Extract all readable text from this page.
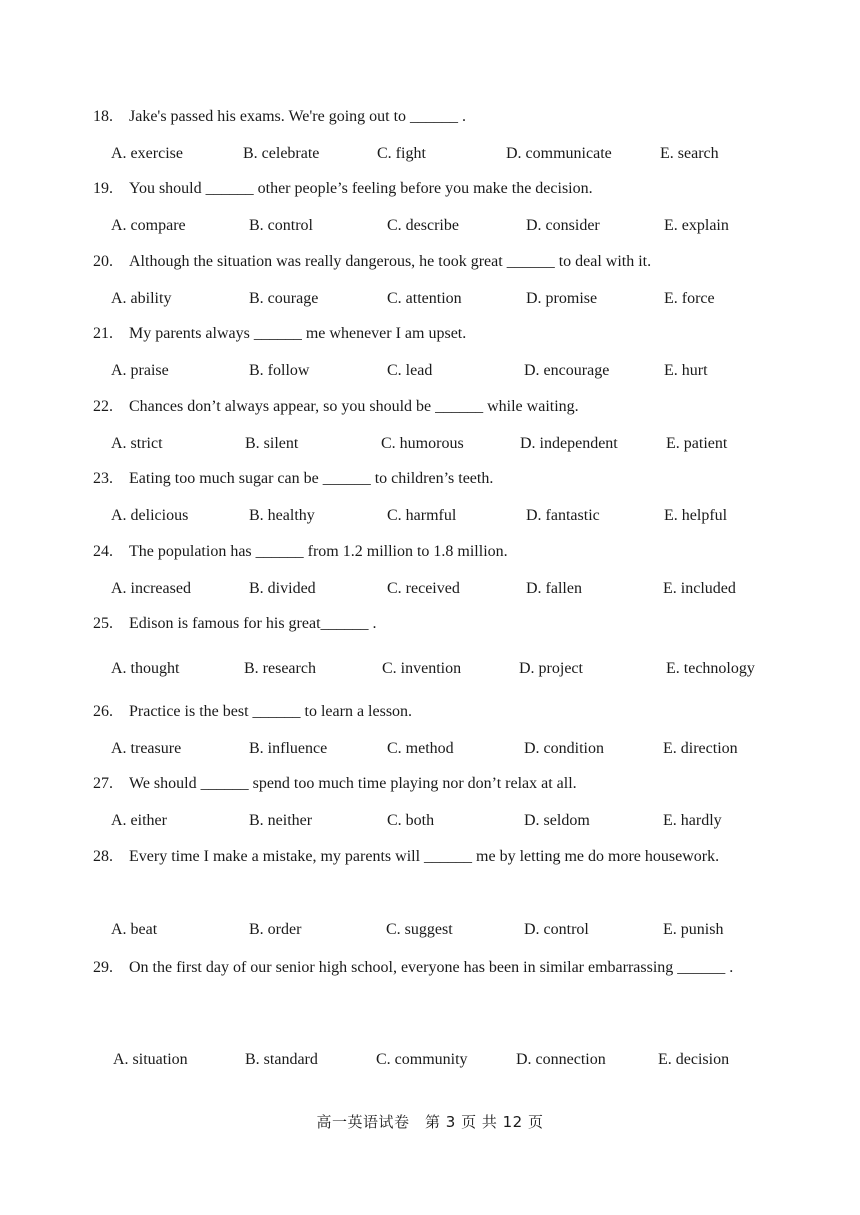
18.	Jake's passed his exams. We're going out to ______ .
A. exercise	B. celebrate	C. fight	D. communicate	E. search
19.	You should ______ other people’s feeling before you make the decision.
A. compare	B. control	C. describe	D. consider	E. explain
20.	Although the situation was really dangerous, he took great ______ to deal with it.
A. ability	B. courage	C. attention	D. promise	E. force
21.	My parents always ______ me whenever I am upset.
A. praise	B. follow	C. lead	D. encourage	E. hurt
22.	Chances don’t always appear, so you should be ______ while waiting.
A. strict	B. silent	C. humorous	D. independent	E. patient
23.	Eating too much sugar can be ______ to children’s teeth.
A. delicious	B. healthy	C. harmful	D. fantastic	E. helpful
24.	The population has ______ from 1.2 million to 1.8 million.
A. increased	B. divided	C. received	D. fallen	E. included
25.	Edison is famous for his great______ .
A. thought	B. research	C. invention	D. project	E. technology
26.	Practice is the best ______ to learn a lesson.
A. treasure	B. influence	C. method	D. condition	E. direction
27.	We should ______ spend too much time playing nor don’t relax at all.
A. either	B. neither	C. both	D. seldom	E. hardly
28.	Every time I make a mistake, my parents will ______ me by letting me do more housework.
A. beat	B. order	C. suggest	D. control	E. punish
29.	On the first day of our senior high school, everyone has been in similar embarrassing ______ .
A. situation	B. standard	C. community	D. connection	E. decision
高一英语试卷　第 3 页 共 12 页
